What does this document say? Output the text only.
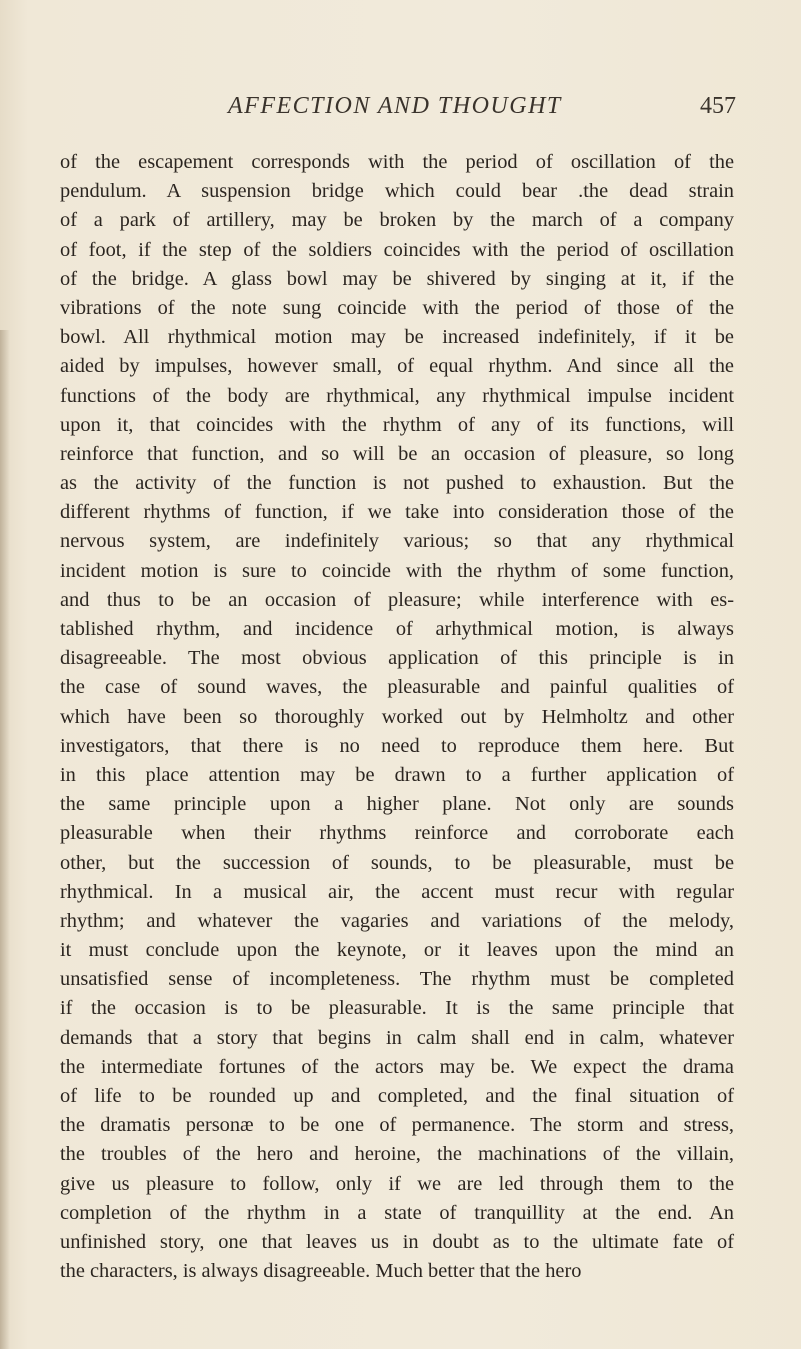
AFFECTION AND THOUGHT	457
of the escapement corresponds with the period of oscillation of the
pendulum. A suspension bridge which could bear .the dead strain
of a park of artillery, may be broken by the march of a company
of foot, if the step of the soldiers coincides with the period of oscillation
of the bridge. A glass bowl may be shivered by singing at it, if the
vibrations of the note sung coincide with the period of those of the
bowl. All rhythmical motion may be increased indefinitely, if it be
aided by impulses, however small, of equal rhythm. And since all the
functions of the body are rhythmical, any rhythmical impulse incident
upon it, that coincides with the rhythm of any of its functions, will
reinforce that function, and so will be an occasion of pleasure, so long
as the activity of the function is not pushed to exhaustion. But the
different rhythms of function, if we take into consideration those of the
nervous system, are indefinitely various; so that any rhythmical
incident motion is sure to coincide with the rhythm of some function,
and thus to be an occasion of pleasure; while interference with es-
tablished rhythm, and incidence of arhythmical motion, is always
disagreeable. The most obvious application of this principle is in
the case of sound waves, the pleasurable and painful qualities of
which have been so thoroughly worked out by Helmholtz and other
investigators, that there is no need to reproduce them here. But
in this place attention may be drawn to a further application of
the same principle upon a higher plane. Not only are sounds
pleasurable when their rhythms reinforce and corroborate each
other, but the succession of sounds, to be pleasurable, must be
rhythmical. In a musical air, the accent must recur with regular
rhythm; and whatever the vagaries and variations of the melody,
it must conclude upon the keynote, or it leaves upon the mind an
unsatisfied sense of incompleteness. The rhythm must be completed
if the occasion is to be pleasurable. It is the same principle that
demands that a story that begins in calm shall end in calm, whatever
the intermediate fortunes of the actors may be. We expect the drama
of life to be rounded up and completed, and the final situation of
the dramatis personæ to be one of permanence. The storm and stress,
the troubles of the hero and heroine, the machinations of the villain,
give us pleasure to follow, only if we are led through them to the
completion of the rhythm in a state of tranquillity at the end. An
unfinished story, one that leaves us in doubt as to the ultimate fate of
the characters, is always disagreeable. Much better that the hero
